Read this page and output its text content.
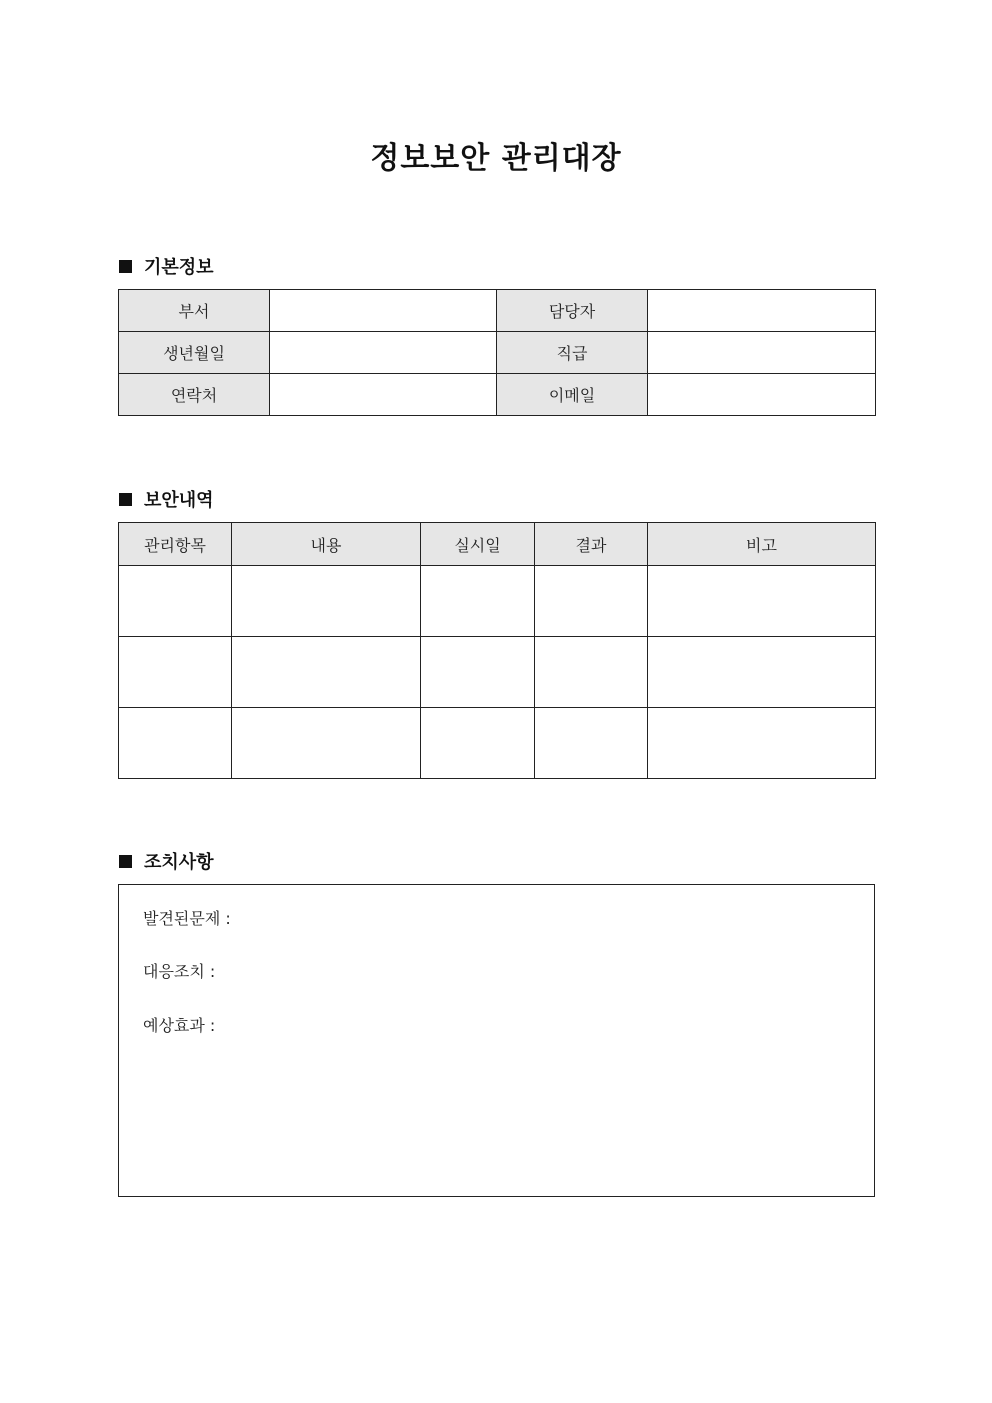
정보보안 관리대장
기본정보
부서		담당자	
생년월일		직급	
연락처		이메일	
보안내역
관리항목	내용	실시일	결과	비고

조치사항
발견된문제 :
대응조치 :
예상효과 :
